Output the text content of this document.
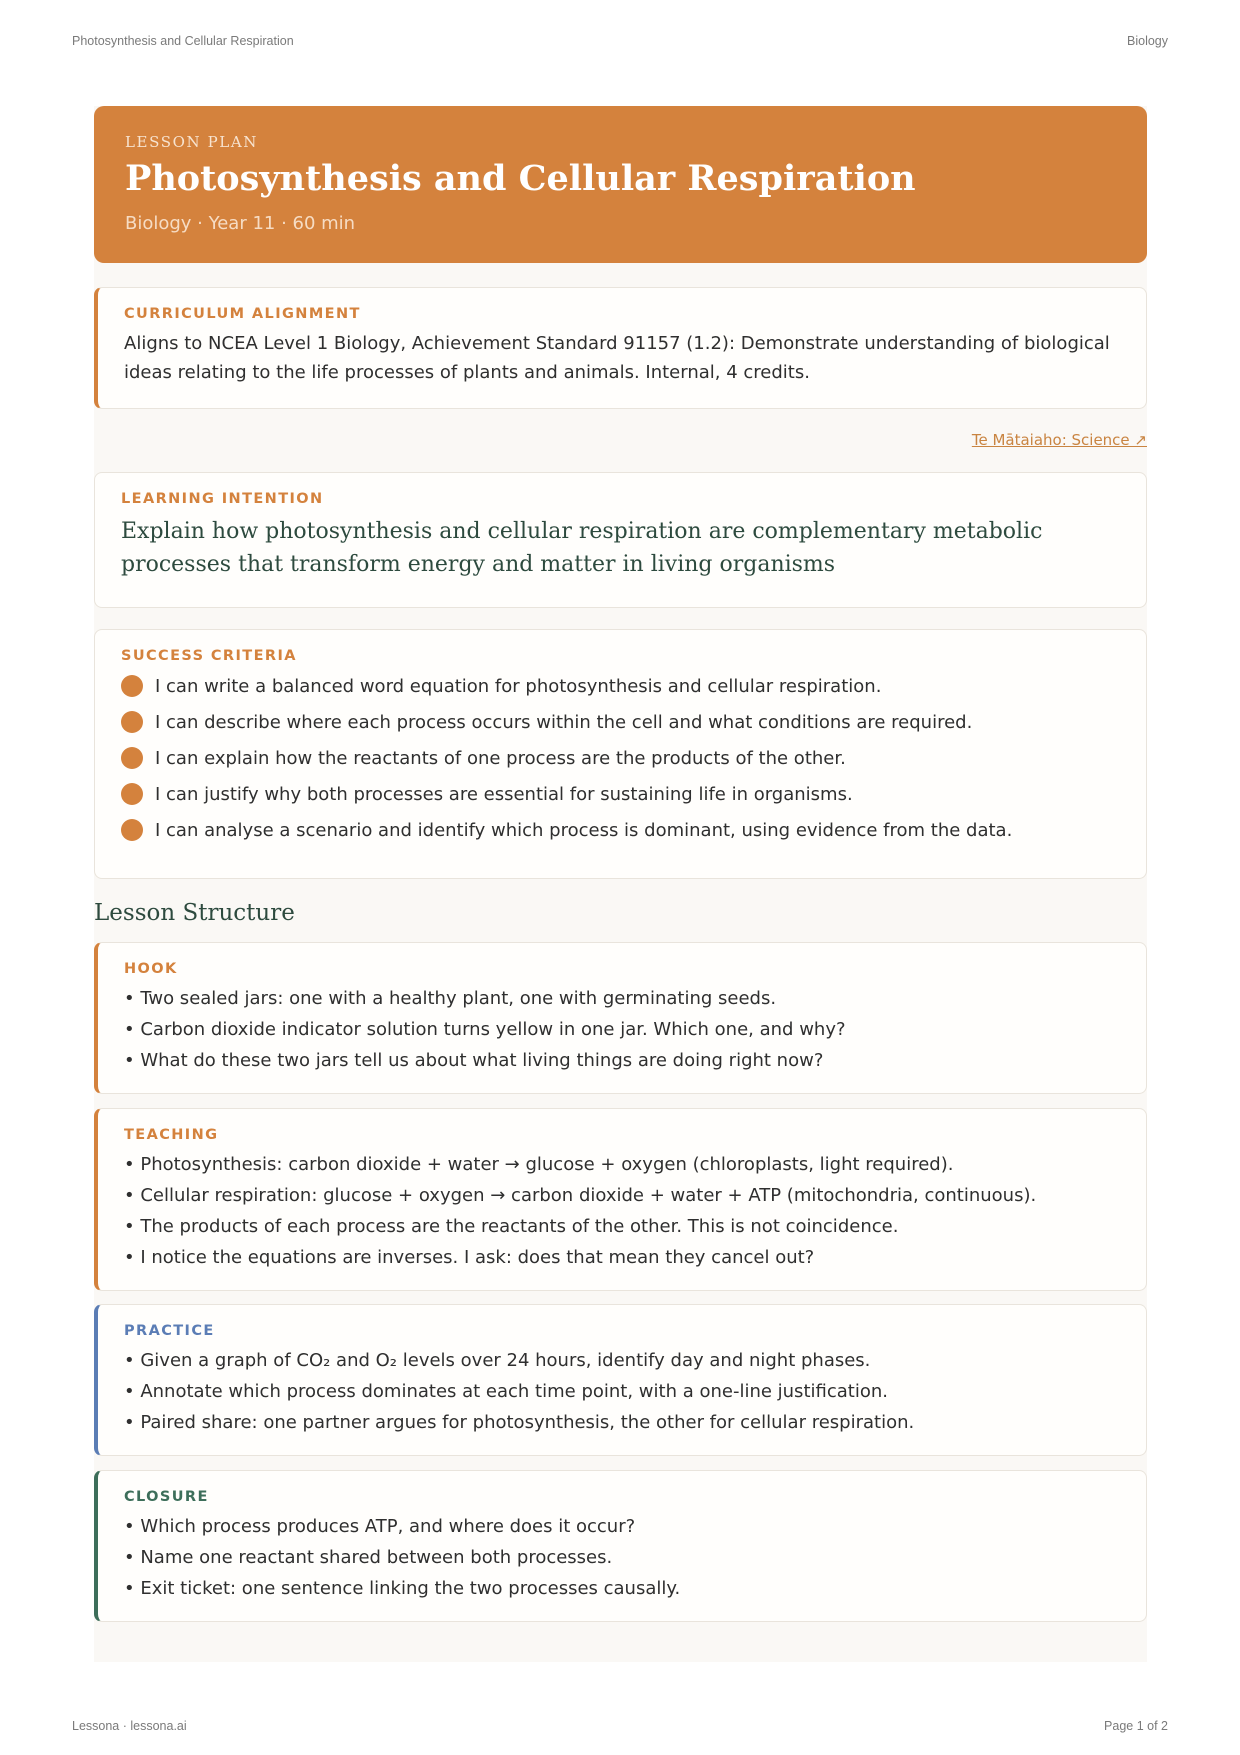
Photosynthesis and Cellular Respiration	Biology
LESSON PLAN
Photosynthesis and Cellular Respiration
Biology · Year 11 · 60 min
CURRICULUM ALIGNMENT
Aligns to NCEA Level 1 Biology, Achievement Standard 91157 (1.2): Demonstrate understanding of biological ideas relating to the life processes of plants and animals. Internal, 4 credits.
Te Mātaiaho: Science ↗
LEARNING INTENTION
Explain how photosynthesis and cellular respiration are complementary metabolic processes that transform energy and matter in living organisms
SUCCESS CRITERIA
I can write a balanced word equation for photosynthesis and cellular respiration.
I can describe where each process occurs within the cell and what conditions are required.
I can explain how the reactants of one process are the products of the other.
I can justify why both processes are essential for sustaining life in organisms.
I can analyse a scenario and identify which process is dominant, using evidence from the data.
Lesson Structure
HOOK
• Two sealed jars: one with a healthy plant, one with germinating seeds.
• Carbon dioxide indicator solution turns yellow in one jar. Which one, and why?
• What do these two jars tell us about what living things are doing right now?
TEACHING
• Photosynthesis: carbon dioxide + water → glucose + oxygen (chloroplasts, light required).
• Cellular respiration: glucose + oxygen → carbon dioxide + water + ATP (mitochondria, continuous).
• The products of each process are the reactants of the other. This is not coincidence.
• I notice the equations are inverses. I ask: does that mean they cancel out?
PRACTICE
• Given a graph of CO₂ and O₂ levels over 24 hours, identify day and night phases.
• Annotate which process dominates at each time point, with a one-line justification.
• Paired share: one partner argues for photosynthesis, the other for cellular respiration.
CLOSURE
• Which process produces ATP, and where does it occur?
• Name one reactant shared between both processes.
• Exit ticket: one sentence linking the two processes causally.
Lessona · lessona.ai	Page 1 of 2
